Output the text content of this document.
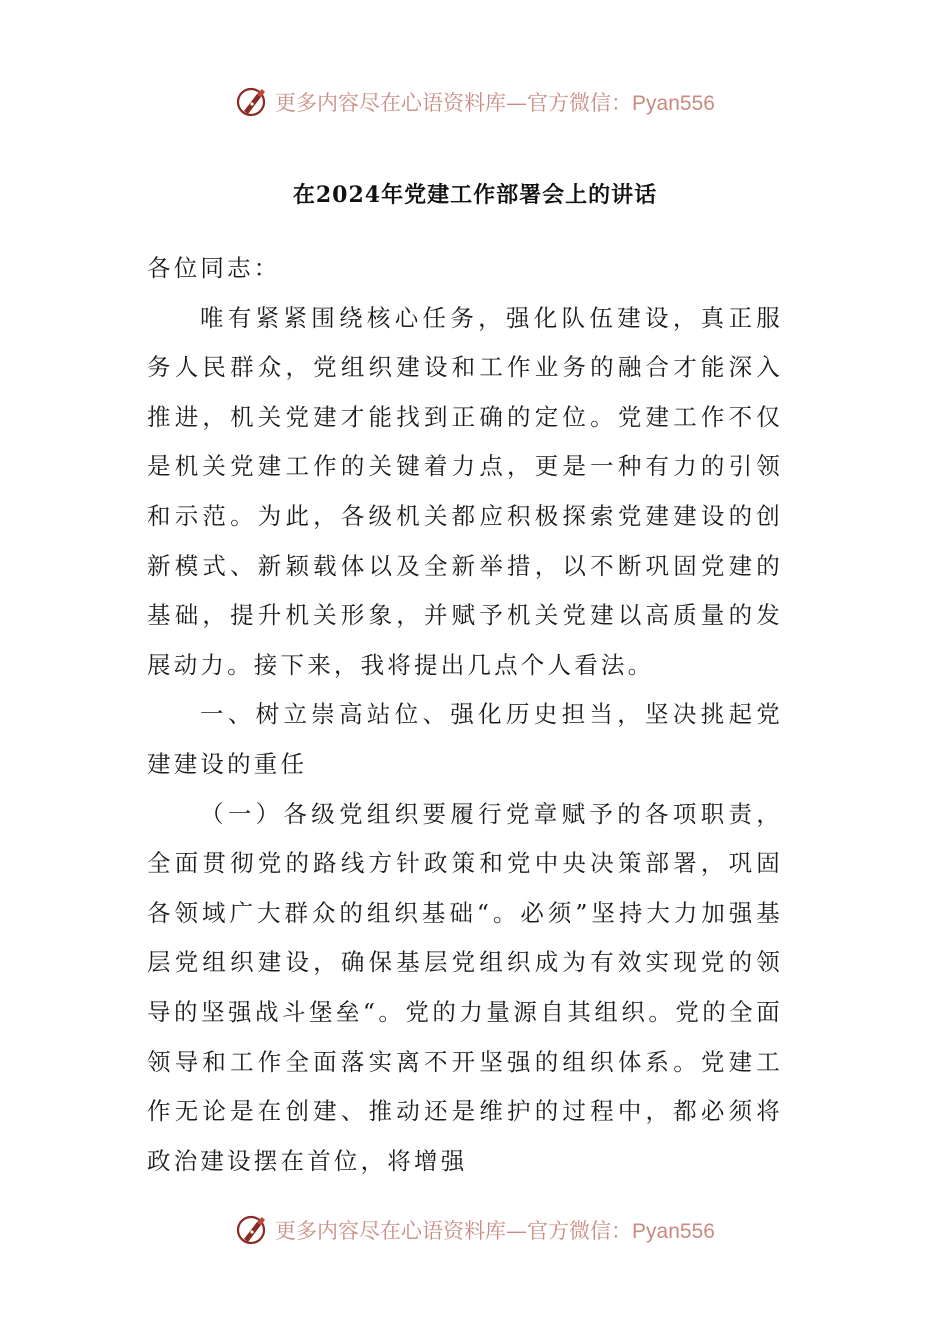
更多内容尽在心语资料库—官方微信：Pyan556
在2024年党建工作部署会上的讲话

各位同志：

唯有紧紧围绕核心任务，强化队伍建设，真正服务人民群众，党组织建设和工作业务的融合才能深入推进，机关党建才能找到正确的定位。党建工作不仅是机关党建工作的关键着力点，更是一种有力的引领和示范。为此，各级机关都应积极探索党建建设的创新模式、新颖载体以及全新举措，以不断巩固党建的基础，提升机关形象，并赋予机关党建以高质量的发展动力。接下来，我将提出几点个人看法。

一、树立崇高站位、强化历史担当，坚决挑起党建建设的重任

（一）各级党组织要履行党章赋予的各项职责，全面贯彻党的路线方针政策和党中央决策部署，巩固各领域广大群众的组织基础“。必须”坚持大力加强基层党组织建设，确保基层党组织成为有效实现党的领导的坚强战斗堡垒“。党的力量源自其组织。党的全面领导和工作全面落实离不开坚强的组织体系。党建工作无论是在创建、推动还是维护的过程中，都必须将政治建设摆在首位，将增强

更多内容尽在心语资料库—官方微信：Pyan556
